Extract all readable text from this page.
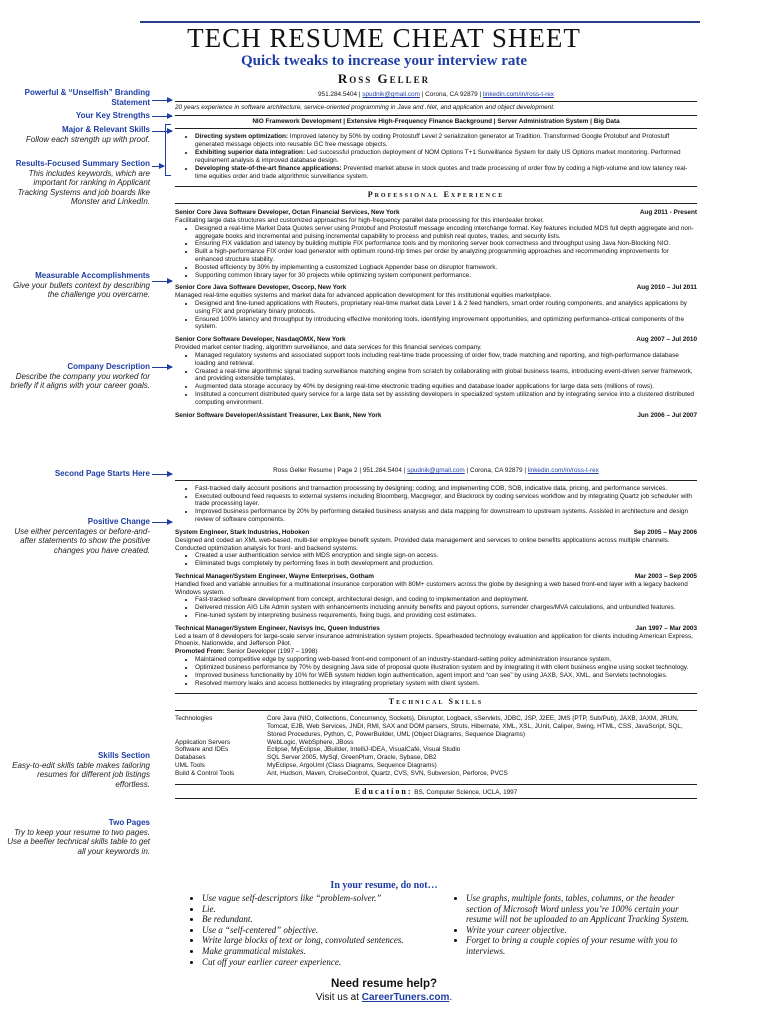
TECH RESUME CHEAT SHEET
Quick tweaks to increase your interview rate
Ross Geller
951.284.5404 | spudnik@gmail.com | Corona, CA 92879 | linkedin.com/in/ross-t-rex
20 years experience in software architecture, service-oriented programming in Java and .Net, and application and object development.
NIO Framework Development | Extensive High-Frequency Finance Background | Server Administration System | Big Data
• Directing system optimization: Improved latency by 50% by coding Protostuff Level 2 serialization generator at Tradition. Transformed Google Protobuf and Protostuff generated message objects into reusable GC free message objects.
• Exhibiting superior data integration: Led successful production deployment of NOM Options T+1 Surveillance System for daily US Options market monitoring. Performed requirement analysis & improved database design.
• Developing state-of-the-art finance applications: Prevented market abuse in stock quotes and trade processing of order flow by coding a high-volume and low latency real-time equities order and trade algorithmic surveillance system.
Professional Experience
Senior Core Java Software Developer, Octan Financial Services, New York	Aug 2011 - Present
Facilitating large data structures and customized approaches for high-frequency parallel data processing for this interdealer broker.
• Designed a real-time Market Data Quotes server using Protobuf and Protostuff message encoding interchange format. Key features included MDS full depth aggregate and non-aggregate books and incremental and pulsing incremental capability to process and publish real quotes, trades, and security lists.
• Ensuring FIX validation and latency by building multiple FIX performance tools and by monitoring server book correctness and throughput using Java Non-Blocking NIO.
• Built a high-performance FIX order load generator with optimum round-trip times per order by analyzing programming approaches and recommending improvements for enhanced structure stability.
• Boosted efficiency by 30% by implementing a customized Logback Appender base on disruptor framework.
• Supporting common library layer for 30 projects while optimizing system component performance.
Senior Core Java Software Developer, Oscorp, New York	Aug 2010 – Jul 2011
Managed real-time equities systems and market data for advanced application development for this institutional equities marketplace.
• Designed and fine-tuned applications with Reuters, proprietary real-time market data Level 1 & 2 feed handlers, smart order routing components, and analytics applications by using FIX and proprietary binary protocols.
• Ensured 100% latency and throughput by introducing effective monitoring tools, identifying improvement opportunities, and optimizing performance-critical components of the system.
Senior Core Software Developer, NasdaqOMX, New York	Aug 2007 – Jul 2010
Provided market center trading, algorithm surveillance, and data services for this financial services company.
• Managed regulatory systems and associated support tools including real-time trade processing of order flow, trade matching and reporting, and high-performance database loading and retrieval.
• Created a real-time algorithmic signal trading surveillance matching engine from scratch by collaborating with global business teams, introducing event-driven server framework, and providing extensible templates.
• Augmented data storage accuracy by 40% by designing real-time electronic trading equities and database loader applications for large data sets (millions of rows).
• Instituted a concurrent distributed query service for a large data set by assisting developers in specialized system utilization and by integrating service into a clustered distributed computing environment.
Senior Software Developer/Assistant Treasurer, Lex Bank, New York	Jun 2006 – Jul 2007
Ross Geller Resume | Page 2 | 951.284.5404 | spudnik@gmail.com | Corona, CA 92879 | linkedin.com/in/ross-t-rex
• Fast-tracked daily account positions and transaction processing by designing; coding; and implementing COB, SOB, indicative data, pricing, and performance services.
• Executed outbound feed requests to external systems including Bloomberg, Macgregor, and Blackrock by coding services workflow and by integrating Quartz job scheduler with trade processing layer.
• Improved business performance by 20% by performing detailed business analysis and data mapping for downstream to upstream systems. Assisted in architecture and design review of software components.
System Engineer, Stark Industries, Hoboken	Sep 2005 – May 2006
Designed and coded an XML web-based, multi-tier employee benefit system. Provided data management and services to online benefits applications across multiple channels. Conducted optimization analysis for front- and backend systems.
• Created a user authentication service with MDS encryption and single sign-on access.
• Eliminated bugs completely by performing fixes in both development and production.
Technical Manager/System Engineer, Wayne Enterprises, Gotham	Mar 2003 – Sep 2005
Handled fixed and variable annuities for a multinational insurance corporation with 80M+ customers across the globe by designing a web based front-end layer with a legacy backend Windows system.
• Fast-tracked software development from concept, architectural design, and coding to implementation and deployment.
• Delivered mission AIG Life Admin system with enhancements including annuity benefits and payout options, surrender charges/MVA calculations, and unbundled features.
• Fine-tuned system by interpreting business requirements, fixing bugs, and providing cost estimates.
Technical Manager/System Engineer, Navisys Inc, Queen Industries	Jan 1997 – Mar 2003
Led a team of 8 developers for large-scale server insurance administration system projects. Spearheaded technology evaluation and application for clients including American Express, Phoenix, Nationwide, and Jefferson Pilot.
Promoted From: Senior Developer (1997 – 1998)
• Maintained competitive edge by supporting web-based front-end component of an industry-standard-setting policy administration insurance system.
• Optimized business performance by 70% by designing Java side of proposal quote illustration system and by integrating it with client business engine using socket technology.
• Improved business functionality by 10% for WEB system hidden login authentication, agent import and “can see” by using JAXB, SAX, XML, and Servlets technologies.
• Resolved memory leaks and access bottlenecks by integrating proprietary system with client system.
Technical Skills
Technologies	Core Java (NIO, Collections, Concurrency, Sockets), Disruptor, Logback, sServlets, JDBC, JSP, J2EE, JMS (PTP, Sub/Pub), JAXB, JAXM, JRUN, Tomcat, EJB, Web Services, JNDI, RMI, SAX and DOM parsers, Struts, Hibernate, XML, XSL, JUnit, Caliper, Swing, HTML, CSS, JavaScript, SQL, Stored Procedures, Python, C, PowerBuilder, UML (Object Diagrams, Sequence Diagrams)
Application Servers	WebLogic, WebSphere, JBoss
Software and IDEs	Eclipse, MyEclipse, JBuilder, IntelliJ-IDEA, VisualCafé, Visual Studio
Databases	SQL Server 2005, MySql, GreenPlum, Oracle, Sybase, DB2
UML Tools	MyEclipse, ArgoUml (Class Diagrams, Sequence Diagrams)
Build & Control Tools	Ant, Hudson, Maven, CruiseControl, Quartz, CVS, SVN, Subversion, Perforce, PVCS
Education: BS, Computer Science, UCLA, 1997
Powerful & “Unselfish” Branding Statement
Your Key Strengths
Major & Relevant Skills
Follow each strength up with proof.
Results-Focused Summary Section
This includes keywords, which are important for ranking in Applicant Tracking Systems and job boards like Monster and LinkedIn.
Measurable Accomplishments
Give your bullets context by describing the challenge you overcame.
Company Description
Describe the company you worked for briefly if it aligns with your career goals.
Second Page Starts Here
Positive Change
Use either percentages or before-and-after statements to show the positive changes you have created.
Skills Section
Easy-to-edit skills table makes tailoring resumes for different job listings effortless.
Two Pages
Try to keep your resume to two pages. Use a beefier technical skills table to get all your keywords in.
In your resume, do not…
• Use vague self-descriptors like “problem-solver.”
• Lie.
• Be redundant.
• Use a “self-centered” objective.
• Write large blocks of text or long, convoluted sentences.
• Make grammatical mistakes.
• Cut off your earlier career experience.
• Use graphs, multiple fonts, tables, columns, or the header section of Microsoft Word unless you’re 100% certain your resume will not be uploaded to an Applicant Tracking System.
• Write your career objective.
• Forget to bring a couple copies of your resume with you to interviews.
Need resume help?
Visit us at CareerTuners.com.
